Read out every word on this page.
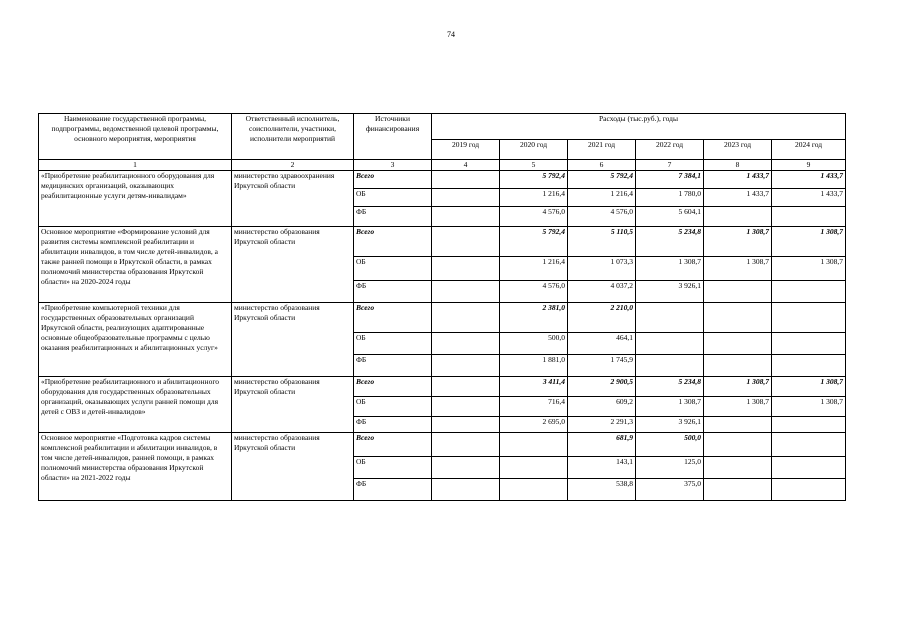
74
Наименование государственной программы, подпрограммы, ведомственной целевой программы, основного мероприятия, мероприятия	Ответственный исполнитель, соисполнители, участники, исполнители мероприятий	Источники финансирования	Расходы (тыс.руб.), годы					
			2019 год	2020 год	2021 год	2022 год	2023 год	2024 год
1	2	3	4	5	6	7	8	9
«Приобретение реабилитационного оборудования для медицинских организаций, оказывающих реабилитационные услуги детям-инвалидам»	министерство здравоохранения Иркутской области	Всего		5 792,4	5 792,4	7 384,1	1 433,7	1 433,7
		ОБ		1 216,4	1 216,4	1 780,0	1 433,7	1 433,7
		ФБ		4 576,0	4 576,0	5 604,1		
Основное мероприятие «Формирование условий для развития системы комплексной реабилитации и абилитации инвалидов, в том числе детей-инвалидов, а также ранней помощи в Иркутской области, в рамках полномочий министерства образования Иркутской области» на 2020-2024 годы	министерство образования Иркутской области	Всего		5 792,4	5 110,5	5 234,8	1 308,7	1 308,7
		ОБ		1 216,4	1 073,3	1 308,7	1 308,7	1 308,7
		ФБ		4 576,0	4 037,2	3 926,1		
«Приобретение компьютерной техники для государственных образовательных организаций Иркутской области, реализующих адаптированные основные общеобразовательные программы с целью оказания реабилитационных и абилитационных услуг»	министерство образования Иркутской области	Всего		2 381,0	2 210,0			
		ОБ		500,0	464,1			
		ФБ		1 881,0	1 745,9			
«Приобретение реабилитационного и абилитационного оборудования для государственных образовательных организаций, оказывающих услуги ранней помощи для детей с ОВЗ и детей-инвалидов»	министерство образования Иркутской области	Всего		3 411,4	2 900,5	5 234,8	1 308,7	1 308,7
		ОБ		716,4	609,2	1 308,7	1 308,7	1 308,7
		ФБ		2 695,0	2 291,3	3 926,1		
Основное мероприятие «Подготовка кадров системы комплексной реабилитации и абилитации инвалидов, в том числе детей-инвалидов, ранней помощи, в рамках полномочий министерства образования Иркутской области» на 2021-2022 годы	министерство образования Иркутской области	Всего			681,9	500,0		
		ОБ			143,1	125,0		
		ФБ			538,8	375,0		
